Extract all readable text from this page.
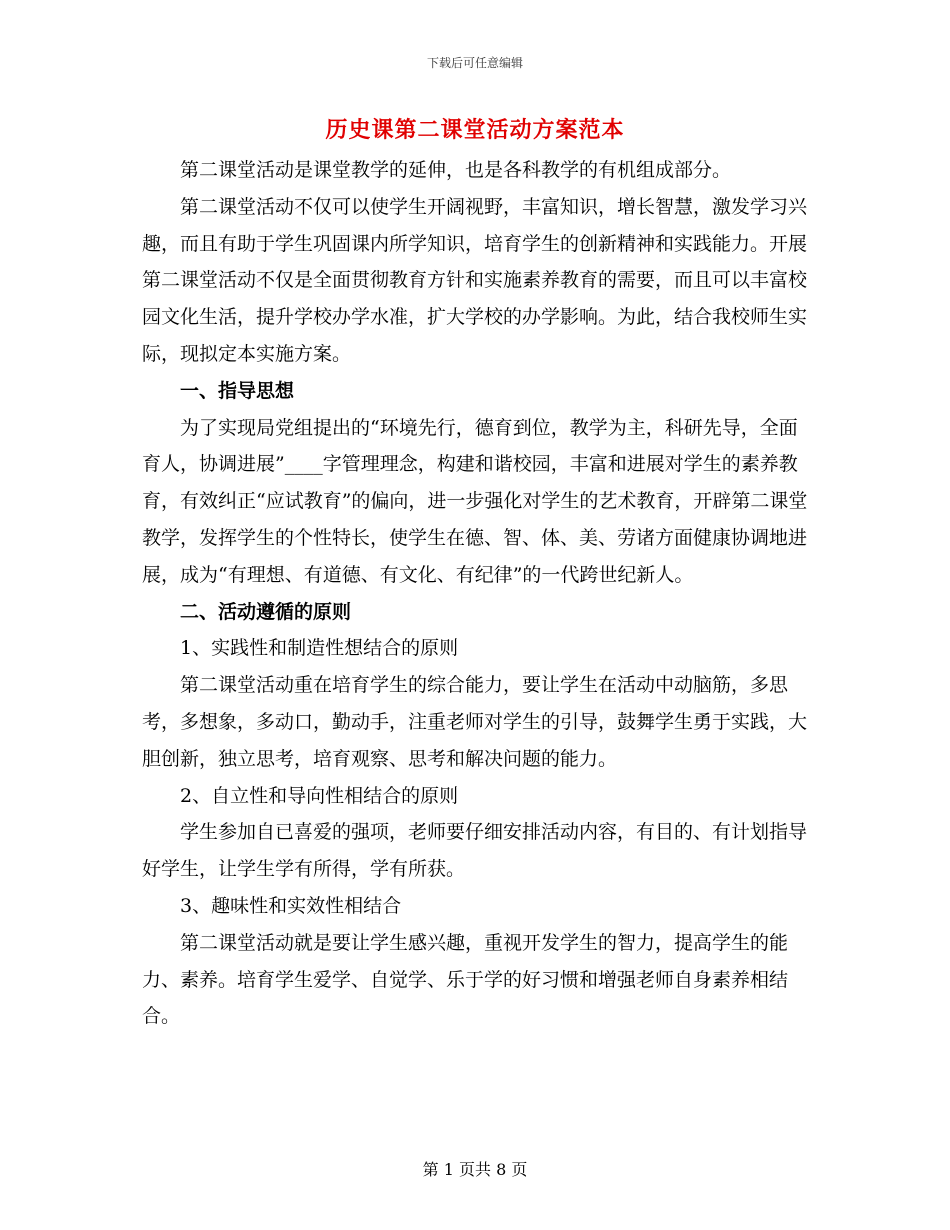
下载后可任意编辑
历史课第二课堂活动方案范本

第二课堂活动是课堂教学的延伸，也是各科教学的有机组成部分。

第二课堂活动不仅可以使学生开阔视野，丰富知识，增长智慧，激发学习兴趣，而且有助于学生巩固课内所学知识，培育学生的创新精神和实践能力。开展第二课堂活动不仅是全面贯彻教育方针和实施素养教育的需要，而且可以丰富校园文化生活，提升学校办学水准，扩大学校的办学影响。为此，结合我校师生实际，现拟定本实施方案。

一、指导思想

为了实现局党组提出的“环境先行，德育到位，教学为主，科研先导，全面育人，协调进展”____字管理理念，构建和谐校园，丰富和进展对学生的素养教育，有效纠正“应试教育”的偏向，进一步强化对学生的艺术教育，开辟第二课堂教学，发挥学生的个性特长，使学生在德、智、体、美、劳诸方面健康协调地进展，成为“有理想、有道德、有文化、有纪律”的一代跨世纪新人。

二、活动遵循的原则

1、实践性和制造性想结合的原则

第二课堂活动重在培育学生的综合能力，要让学生在活动中动脑筋，多思考，多想象，多动口，勤动手，注重老师对学生的引导，鼓舞学生勇于实践，大胆创新，独立思考，培育观察、思考和解决问题的能力。

2、自立性和导向性相结合的原则

学生参加自已喜爱的强项，老师要仔细安排活动内容，有目的、有计划指导好学生，让学生学有所得，学有所获。

3、趣味性和实效性相结合

第二课堂活动就是要让学生感兴趣，重视开发学生的智力，提高学生的能力、素养。培育学生爱学、自觉学、乐于学的好习惯和增强老师自身素养相结合。

第 1 页共 8 页
